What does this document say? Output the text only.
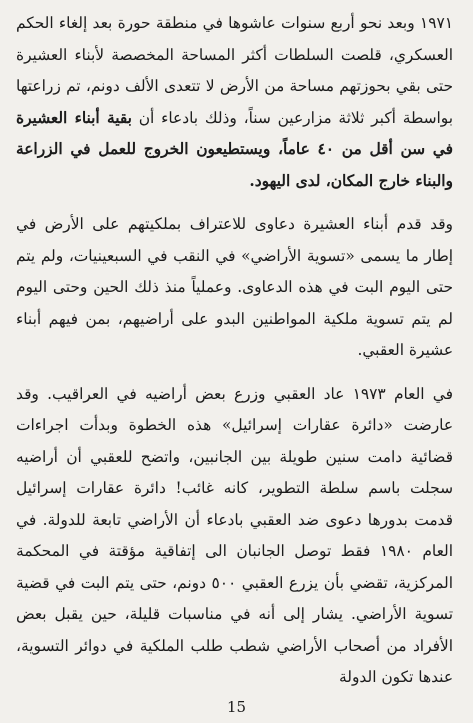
١٩٧١ وبعد نحو أربع سنوات عاشوها في منطقة حورة بعد إلغاء الحكم العسكري، قلصت السلطات أكثر المساحة المخصصة لأبناء العشيرة حتى بقي بحوزتهم مساحة من الأرض لا تتعدى الألف دونم، تم زراعتها بواسطة أكبر ثلاثة مزارعين سناً، وذلك بادعاء أن بقية أبناء العشيرة في سن أقل من ٤٠ عاماً، ويستطيعون الخروج للعمل في الزراعة والبناء خارج المكان، لدى اليهود.

وقد قدم أبناء العشيرة دعاوى للاعتراف بملكيتهم على الأرض في إطار ما يسمى «تسوية الأراضي» في النقب في السبعينيات، ولم يتم حتى اليوم البت في هذه الدعاوى. وعملياً منذ ذلك الحين وحتى اليوم لم يتم تسوية ملكية المواطنين البدو على أراضيهم، بمن فيهم أبناء عشيرة العقبي.

في العام ١٩٧٣ عاد العقبي وزرع بعض أراضيه في العراقيب. وقد عارضت «دائرة عقارات إسرائيل» هذه الخطوة وبدأت اجراءات قضائية دامت سنين طويلة بين الجانبين، واتضح للعقبي أن أراضيه سجلت باسم سلطة التطوير، كانه غائب! دائرة عقارات إسرائيل قدمت بدورها دعوى ضد العقبي بادعاء أن الأراضي تابعة للدولة. في العام ١٩٨٠ فقط توصل الجانبان الى إتفاقية مؤقتة في المحكمة المركزية، تقضي بأن يزرع العقبي ٥٠٠ دونم، حتى يتم البت في قضية تسوية الأراضي. يشار إلى أنه في مناسبات قليلة، حين يقبل بعض الأفراد من أصحاب الأراضي شطب طلب الملكية في دوائر التسوية، عندها تكون الدولة

15
